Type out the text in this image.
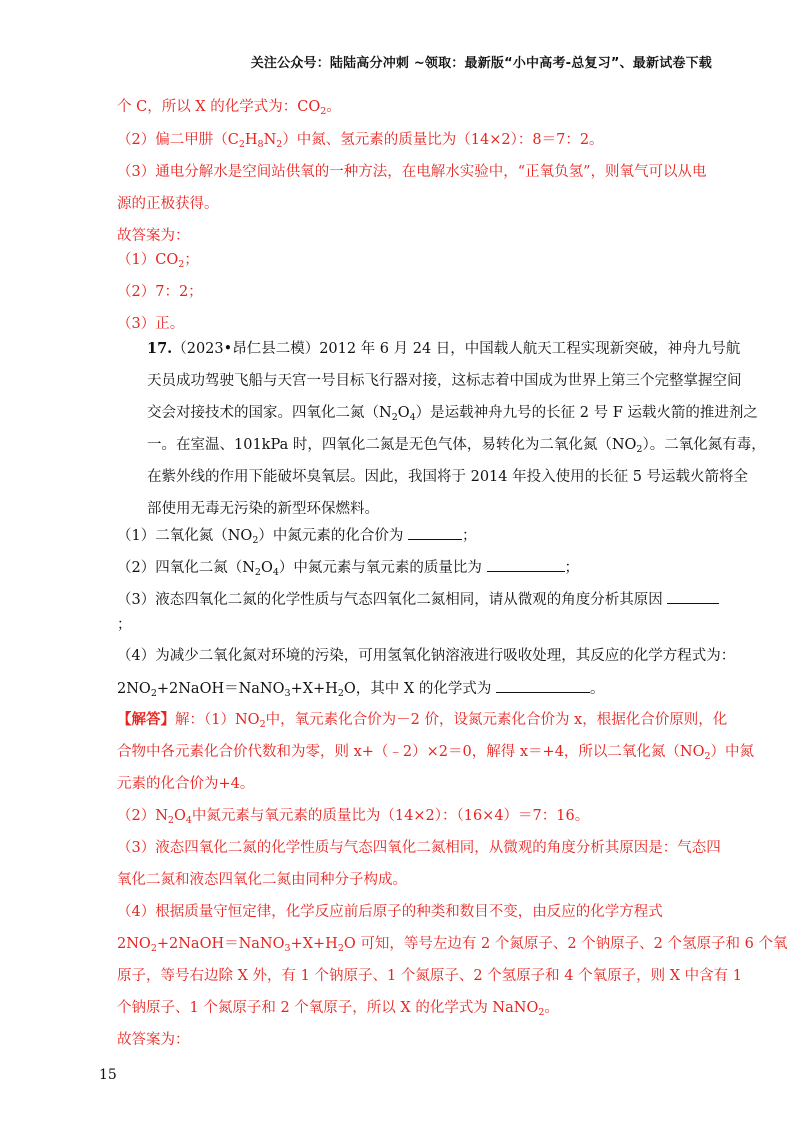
关注公众号：陆陆高分冲刺 ~领取：最新版“小中高考-总复习”、最新试卷下载
个 C，所以 X 的化学式为：$CO_2$。
（2）偏二甲肼$(C_2H_8N_2)$中氮、氢元素的质量比为（14×2）：8＝7：2。
（3）通电分解水是空间站供氧的一种方法，在电解水实验中，“正氧负氢”，则氧气可以从电
源的正极获得。
故答案为：
$(1)CO_2$；
（2）7：2；
（3）正。
17.（2023•昂仁县二模）2012 年 6 月 24 日，中国载人航天工程实现新突破，神舟九号航
天员成功驾驶飞船与天宫一号目标飞行器对接，这标志着中国成为世界上第三个完整掌握空间
交会对接技术的国家。四氧化二氮$(N_2O_4)$是运载神舟九号的长征 2 号 F 运载火箭的推进剂之
一。在室温、101kPa 时，四氧化二氮是无色气体，易转化为二氧化氮$(NO_2)$。二氧化氮有毒，
在紫外线的作用下能破坏臭氧层。因此，我国将于 2014 年投入使用的长征 5 号运载火箭将全
部使用无毒无污染的新型环保燃料。
（1）二氧化氮$(NO_2)$中氮元素的化合价为	；
（2）四氧化二氮$(N_2O_4)$中氮元素与氧元素的质量比为	；
（3）液态四氧化二氮的化学性质与气态四氧化二氮相同，请从微观的角度分析其原因
；
（4）为减少二氧化氮对环境的污染，可用氢氧化钠溶液进行吸收处理，其反应的化学方程式为：
$2NO_2+2NaOH=NaNO_3+X+H_2O$，其中 X 的化学式为	。
【解答】解：$(1)NO_2$中，氧元素化合价为－2 价，设氮元素化合价为 x，根据化合价原则，化
合物中各元素化合价代数和为零，则 x+（﹣2）×2＝0，解得 x＝+4，所以二氧化氮$(NO_2)$中氮
元素的化合价为+4。
$(2)N_2O_4$中氮元素与氧元素的质量比为（14×2）：（16×4）＝7：16。
（3）液态四氧化二氮的化学性质与气态四氧化二氮相同，从微观的角度分析其原因是：气态四
氧化二氮和液态四氧化二氮由同种分子构成。
（4）根据质量守恒定律，化学反应前后原子的种类和数目不变，由反应的化学方程式
$2NO_2+2NaOH=NaNO_3+X+H_2O$ 可知，等号左边有 2 个氮原子、2 个钠原子、2 个氢原子和 6 个氧
原子，等号右边除 X 外，有 1 个钠原子、1 个氮原子、2 个氢原子和 4 个氧原子，则 X 中含有 1
个钠原子、1 个氮原子和 2 个氧原子，所以 X 的化学式为 NaNO$_2$。
故答案为：
15
